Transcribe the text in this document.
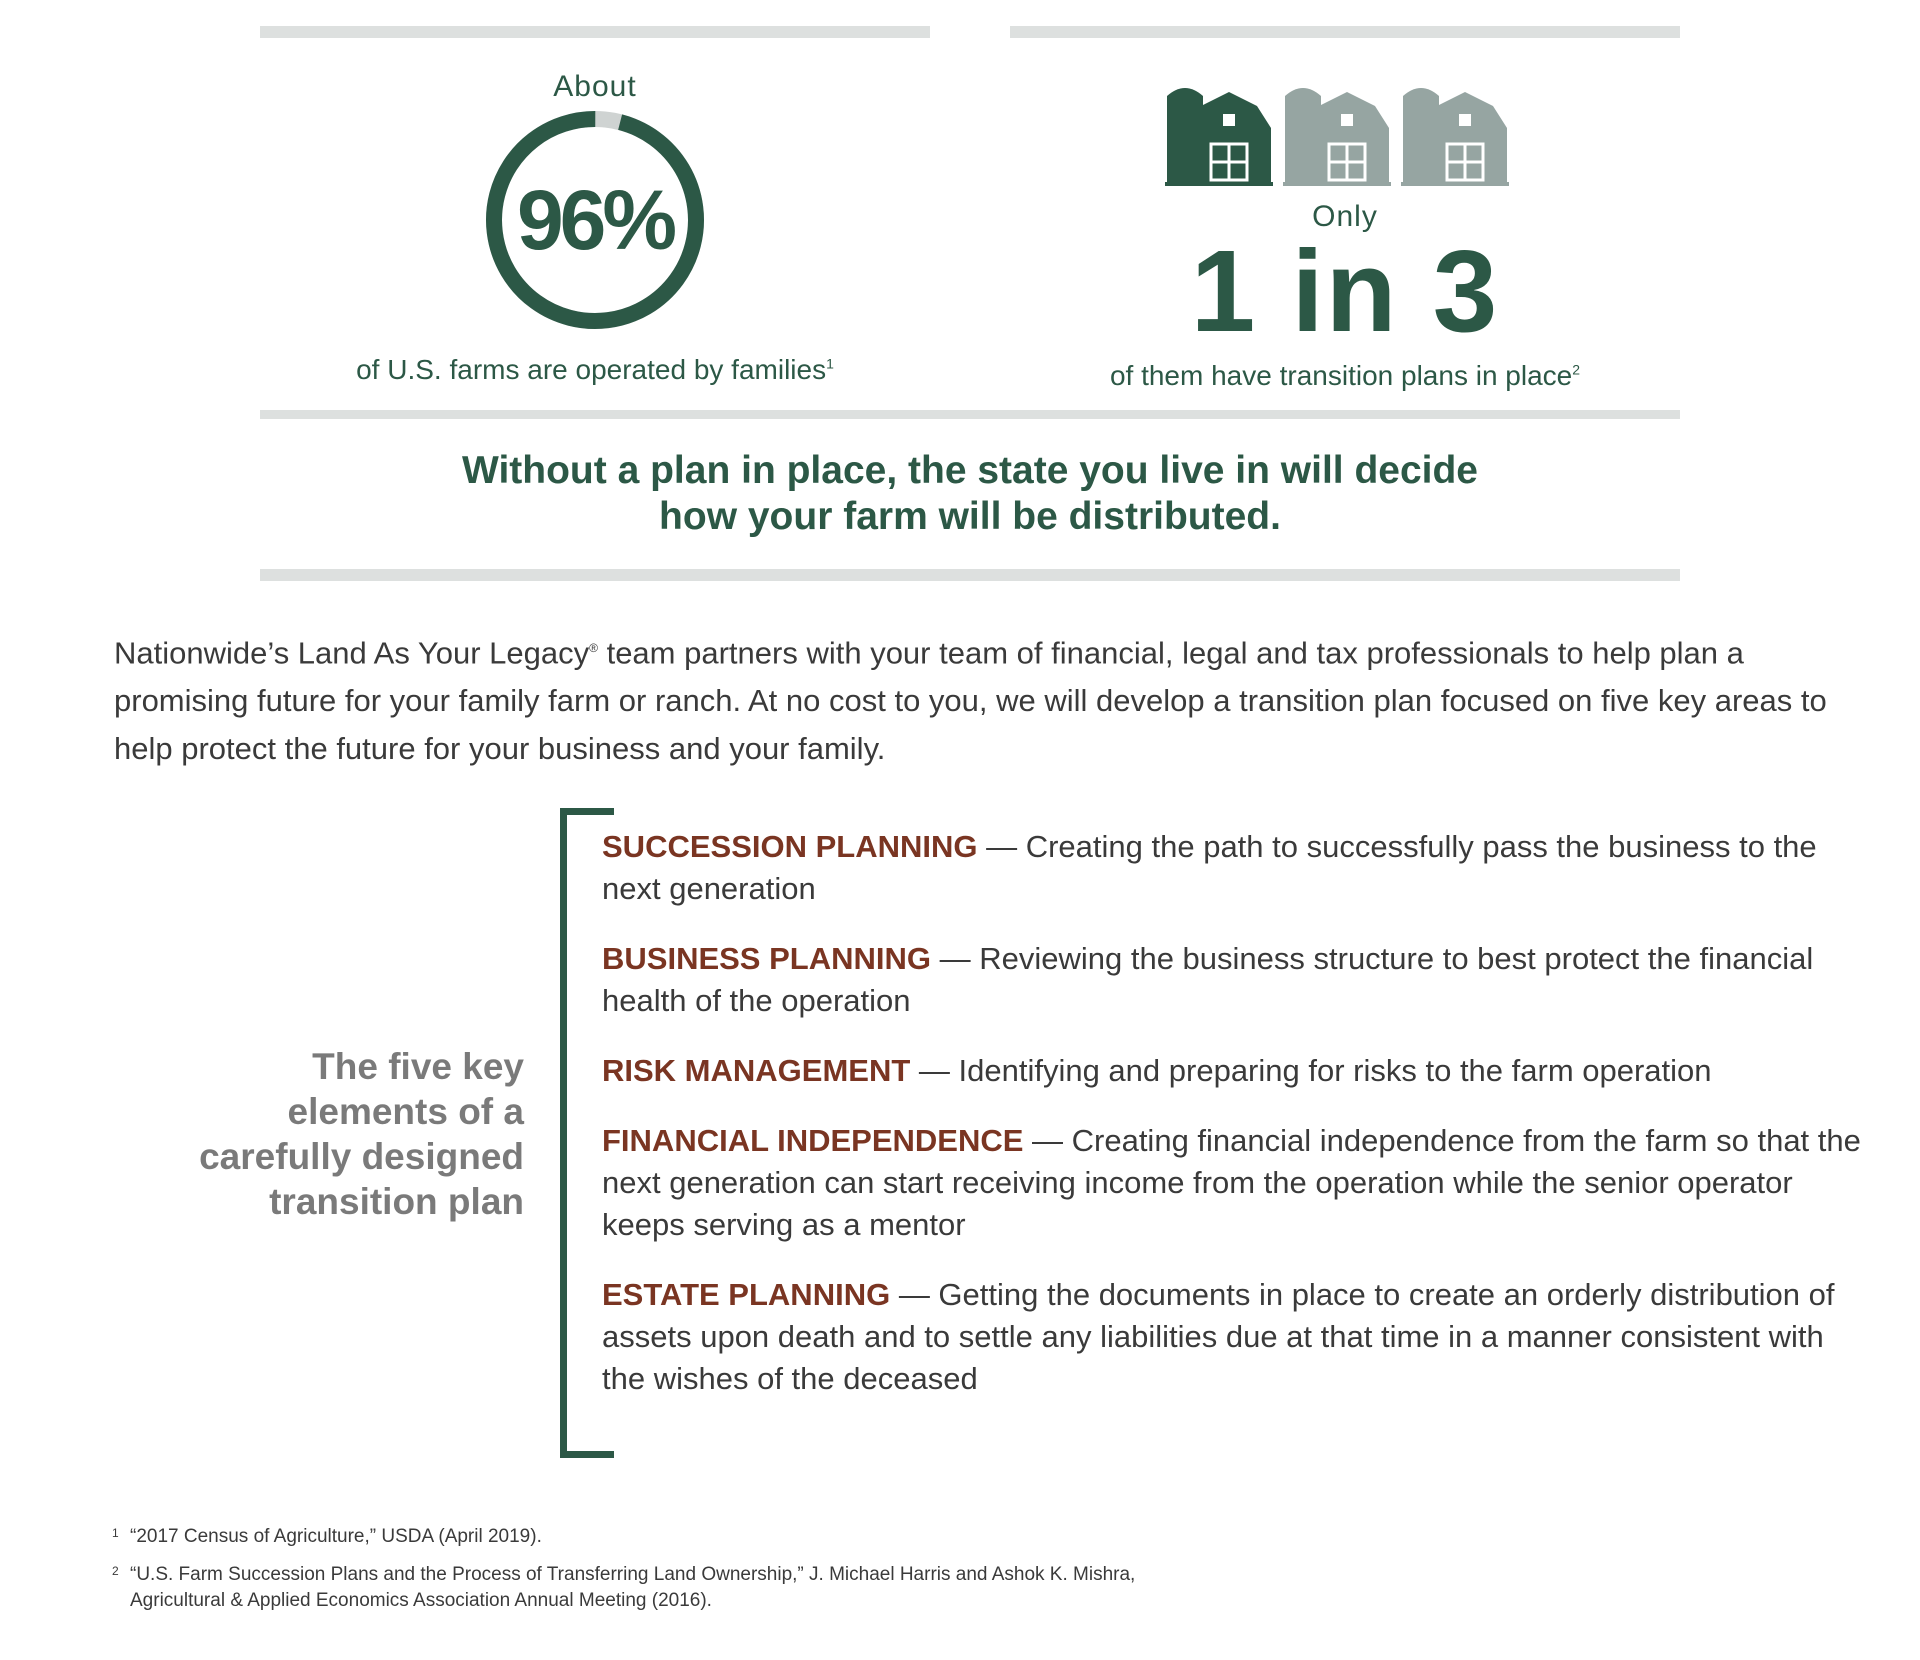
About
96%
of U.S. farms are operated by families$^1$
Only
1 in 3
of them have transition plans in place$^2$
Without a plan in place, the state you live in will decide
how your farm will be distributed.
Nationwide’s Land As Your Legacy® team partners with your team of financial, legal and tax professionals to help plan a promising future for your family farm or ranch. At no cost to you, we will develop a transition plan focused on five key areas to help protect the future for your business and your family.
The five key
elements of a
carefully designed
transition plan
SUCCESSION PLANNING — Creating the path to successfully pass the business to the next generation
BUSINESS PLANNING — Reviewing the business structure to best protect the financial health of the operation
RISK MANAGEMENT — Identifying and preparing for risks to the farm operation
FINANCIAL INDEPENDENCE — Creating financial independence from the farm so that the next generation can start receiving income from the operation while the senior operator keeps serving as a mentor
ESTATE PLANNING — Getting the documents in place to create an orderly distribution of assets upon death and to settle any liabilities due at that time in a manner consistent with the wishes of the deceased
1 “2017 Census of Agriculture,” USDA (April 2019).
2 “U.S. Farm Succession Plans and the Process of Transferring Land Ownership,” J. Michael Harris and Ashok K. Mishra,
Agricultural & Applied Economics Association Annual Meeting (2016).
